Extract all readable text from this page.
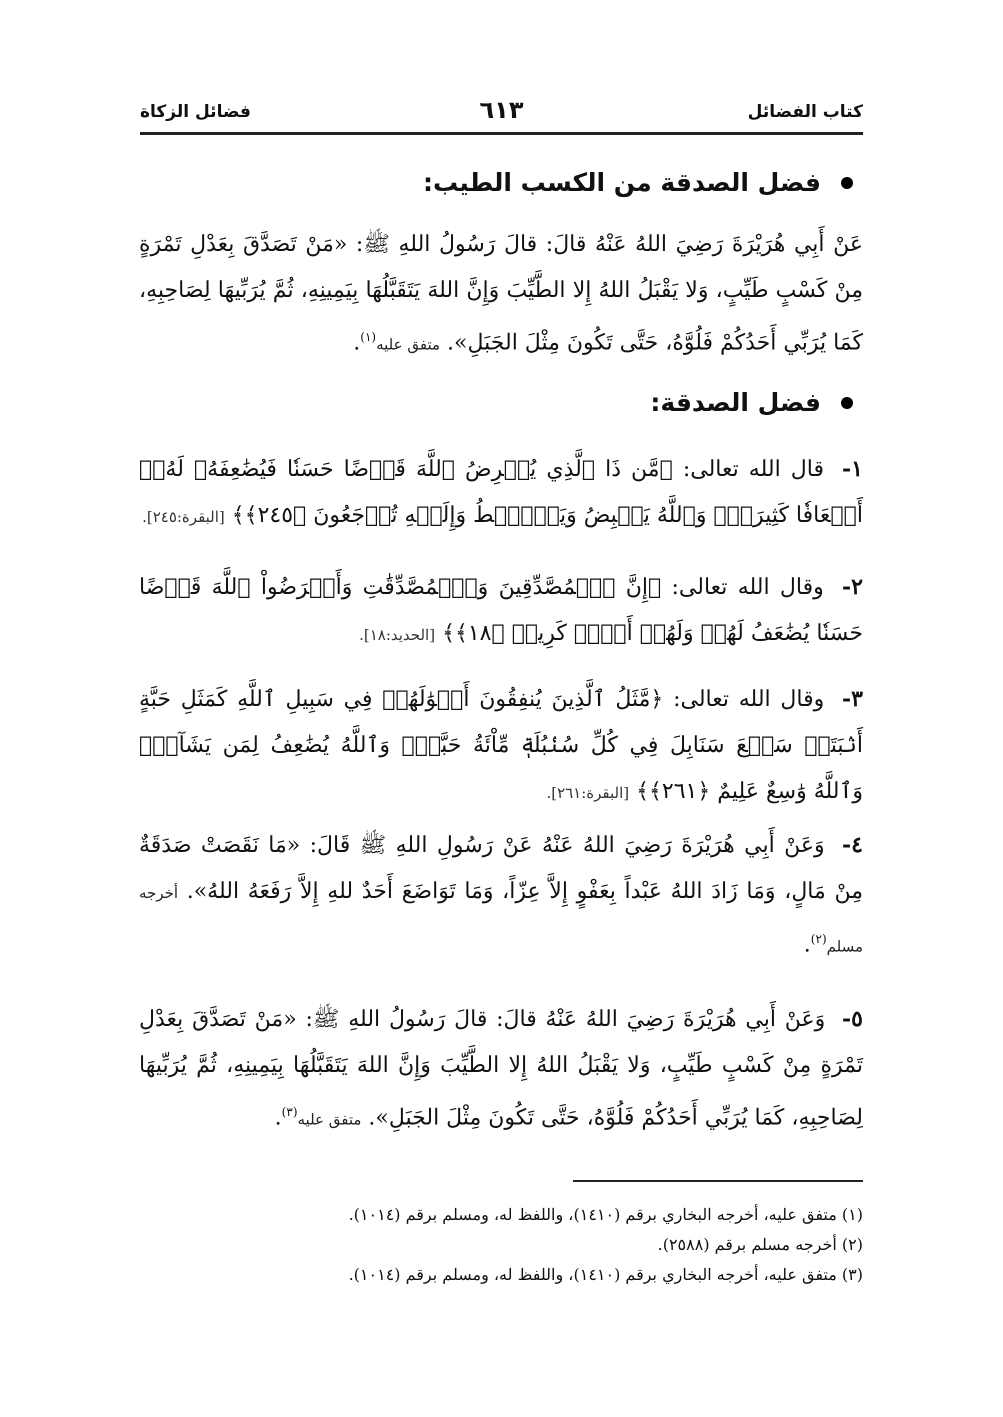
كتاب الفضائل
٦١٣
فضائل الزكاة
فضل الصدقة من الكسب الطيب:
عَنْ أَبِي هُرَيْرَةَ رَضِيَ اللهُ عَنْهُ قالَ: قالَ رَسُولُ اللهِ ﷺ: «مَنْ تَصَدَّقَ بِعَدْلِ تَمْرَةٍ مِنْ كَسْبٍ طَيِّبٍ، وَلا يَقْبَلُ اللهُ إِلا الطَّيِّبَ وَإِنَّ اللهَ يَتَقَبَّلُهَا بِيَمِينِهِ، ثُمَّ يُرَبِّيهَا لِصَاحِبِهِ، كَمَا يُرَبِّي أَحَدُكُمْ فَلُوَّهُ، حَتَّى تَكُونَ مِثْلَ الجَبَلِ». متفق عليه$^{(١)}$.
فضل الصدقة:
١- قال الله تعالى: ﴿مَّن ذَا ٱلَّذِي يُقۡرِضُ ٱللَّهَ قَرۡضًا حَسَنٗا فَيُضَٰعِفَهُۥ لَهُۥٓ أَضۡعَافٗا كَثِيرَةٗۚ وَٱللَّهُ يَقۡبِضُ وَيَبۡصُۜطُ وَإِلَيۡهِ تُرۡجَعُونَ ﴿٢٤٥﴾﴾ [البقرة:٢٤٥].
٢- وقال الله تعالى: ﴿إِنَّ ٱلۡمُصَّدِّقِينَ وَٱلۡمُصَّدِّقَٰتِ وَأَقۡرَضُواْ ٱللَّهَ قَرۡضًا حَسَنٗا يُضَٰعَفُ لَهُمۡ وَلَهُمۡ أَجۡرٞ كَرِيمٞ ﴿١٨﴾﴾ [الحديد:١٨].
٣- وقال الله تعالى: ﴿مَّثَلُ ٱلَّذِينَ يُنفِقُونَ أَمۡوَٰلَهُمۡ فِي سَبِيلِ ٱللَّهِ كَمَثَلِ حَبَّةٍ أَنۢبَتَتۡ سَبۡعَ سَنَابِلَ فِي كُلِّ سُنۢبُلَةٖ مِّاْئَةُ حَبَّةٖۗ وَٱللَّهُ يُضَٰعِفُ لِمَن يَشَآءُۚ وَٱللَّهُ وَٰسِعٌ عَلِيمٌ ﴿٢٦١﴾﴾ [البقرة:٢٦١].
٤- وَعَنْ أَبِي هُرَيْرَةَ رَضِيَ اللهُ عَنْهُ عَنْ رَسُولِ اللهِ ﷺ قَالَ: «مَا نَقَصَتْ صَدَقَةٌ مِنْ مَالٍ، وَمَا زَادَ اللهُ عَبْداً بِعَفْوٍ إِلاَّ عِزّاً، وَمَا تَوَاضَعَ أَحَدٌ للهِ إِلاَّ رَفَعَهُ اللهُ». أخرجه مسلم$^{(٢)}$.
٥- وَعَنْ أَبِي هُرَيْرَةَ رَضِيَ اللهُ عَنْهُ قالَ: قالَ رَسُولُ اللهِ ﷺ: «مَنْ تَصَدَّقَ بِعَدْلِ تَمْرَةٍ مِنْ كَسْبٍ طَيِّبٍ، وَلا يَقْبَلُ اللهُ إِلا الطَّيِّبَ وَإِنَّ اللهَ يَتَقَبَّلُهَا بِيَمِينِهِ، ثُمَّ يُرَبِّيهَا لِصَاحِبِهِ، كَمَا يُرَبِّي أَحَدُكُمْ فَلُوَّهُ، حَتَّى تَكُونَ مِثْلَ الجَبَلِ». متفق عليه$^{(٣)}$.
(١) متفق عليه، أخرجه البخاري برقم (١٤١٠)، واللفظ له، ومسلم برقم (١٠١٤).
(٢) أخرجه مسلم برقم (٢٥٨٨).
(٣) متفق عليه، أخرجه البخاري برقم (١٤١٠)، واللفظ له، ومسلم برقم (١٠١٤).
